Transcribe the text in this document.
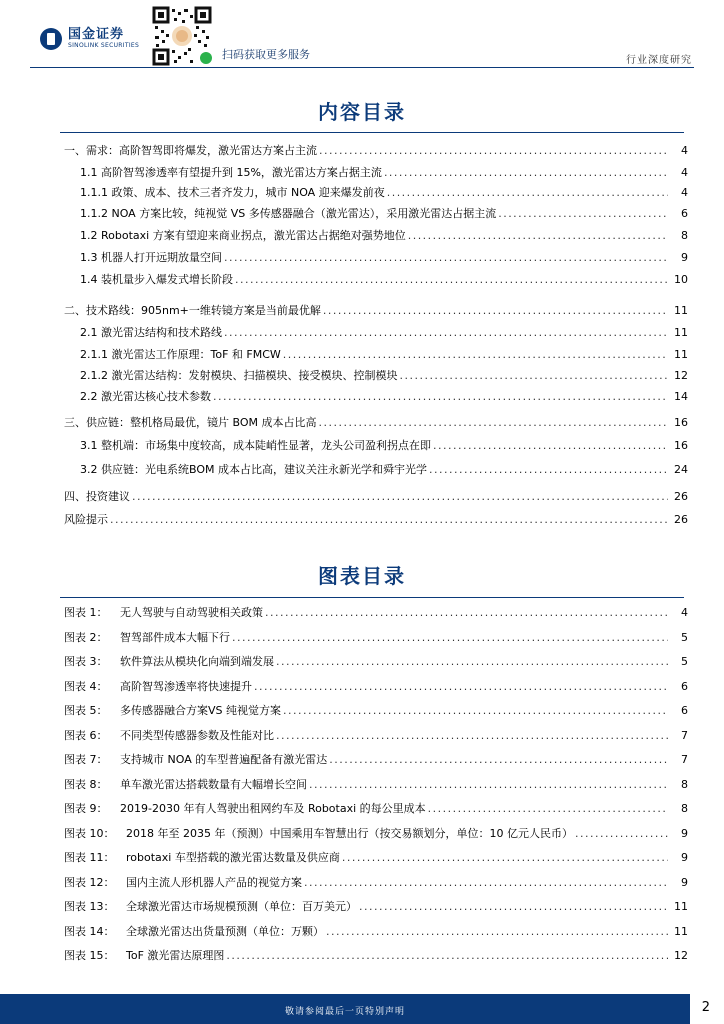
国金证券
SINOLINK SECURITIES
扫码获取更多服务	行业深度研究
内容目录
一、需求：高阶智驾即将爆发，激光雷达方案占主流 . . .	4
1.1 高阶智驾渗透率有望提升到 15%，激光雷达方案占据主流 . . .	4
1.1.1 政策、成本、技术三者齐发力，城市 NOA 迎来爆发前夜 . . .	4
1.1.2 NOA 方案比较，纯视觉 VS 多传感器融合（激光雷达），采用激光雷达占据主流 . . .	6
1.2 Robotaxi 方案有望迎来商业拐点，激光雷达占据绝对强势地位 . . .	8
1.3 机器人打开远期放量空间 . . .	9
1.4 装机量步入爆发式增长阶段 . . .	10
二、技术路线：905nm+一维转镜方案是当前最优解 . . .	11
2.1 激光雷达结构和技术路线 . . .	11
2.1.1 激光雷达工作原理：ToF 和 FMCW . . .	11
2.1.2 激光雷达结构：发射模块、扫描模块、接受模块、控制模块 . . .	12
2.2 激光雷达核心技术参数 . . .	14
三、供应链：整机格局最优，镜片 BOM 成本占比高 . . .	16
3.1 整机端：市场集中度较高，成本陡峭性显著，龙头公司盈利拐点在即 . . .	16
3.2 供应链：光电系统BOM 成本占比高，建议关注永新光学和舜宇光学 . . .	24
四、投资建议 . . .	26
风险提示 . . .	26
图表目录
图表 1：	无人驾驶与自动驾驶相关政策 . . .	4
图表 2：	智驾部件成本大幅下行 . . .	5
图表 3：	软件算法从模块化向端到端发展 . . .	5
图表 4：	高阶智驾渗透率将快速提升 . . .	6
图表 5：	多传感器融合方案VS 纯视觉方案 . . .	6
图表 6：	不同类型传感器参数及性能对比 . . .	7
图表 7：	支持城市 NOA 的车型普遍配备有激光雷达 . . .	7
图表 8：	单车激光雷达搭载数量有大幅增长空间 . . .	8
图表 9：	2019-2030 年有人驾驶出租网约车及 Robotaxi 的每公里成本 . . .	8
图表 10：	2018 年至 2035 年（预测）中国乘用车智慧出行（按交易额划分，单位：10 亿元人民币） . . .	9
图表 11：	robotaxi 车型搭载的激光雷达数量及供应商 . . .	9
图表 12：	国内主流人形机器人产品的视觉方案 . . .	9
图表 13：	全球激光雷达市场规模预测（单位：百万美元） . . .	11
图表 14：	全球激光雷达出货量预测（单位：万颗） . . .	11
图表 15：	ToF 激光雷达原理图 . . .	12
敬请参阅最后一页特别声明	2
